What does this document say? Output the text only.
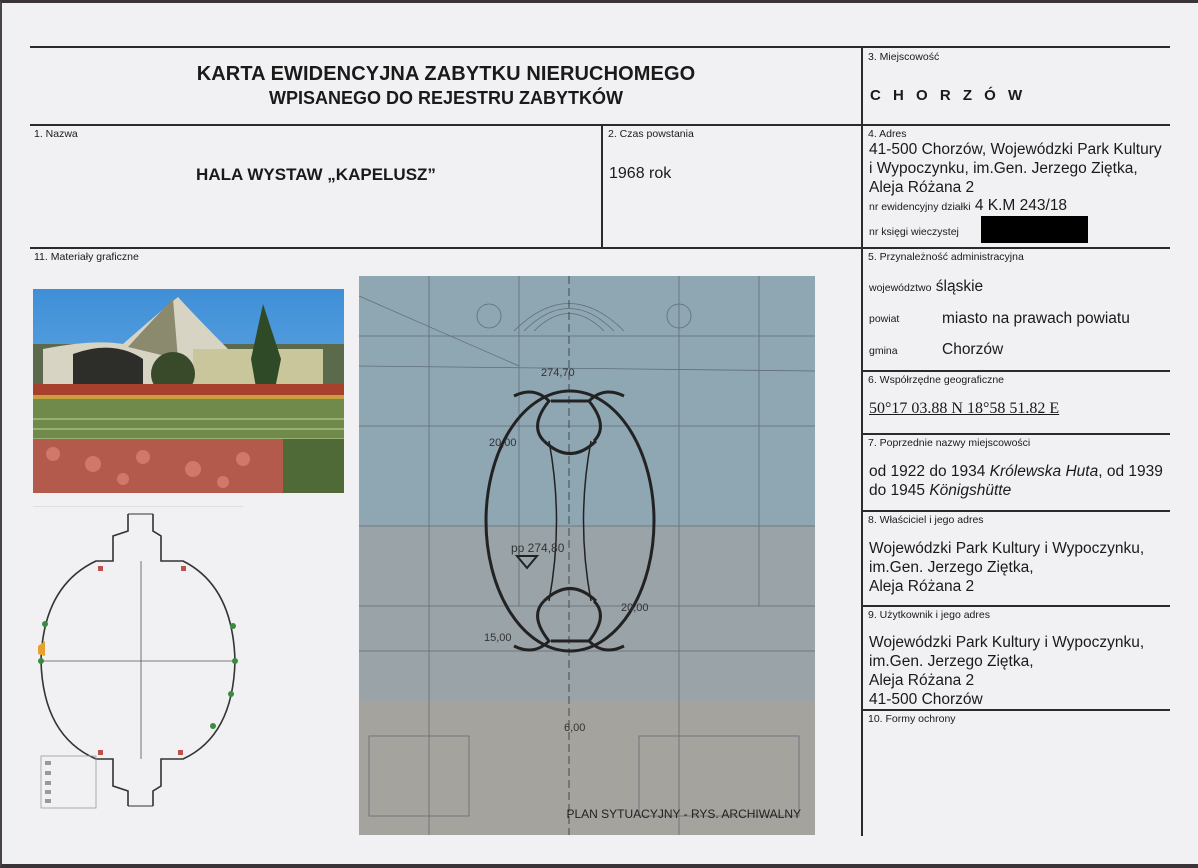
KARTA EWIDENCYJNA ZABYTKU NIERUCHOMEGO
WPISANEGO DO REJESTRU ZABYTKÓW
3. Miejscowość
C H O R Z Ó W
1. Nazwa
HALA WYSTAW „KAPELUSZ”
2. Czas powstania
1968 rok
4. Adres
41-500 Chorzów, Wojewódzki Park Kultury
i Wypoczynku, im.Gen. Jerzego Ziętka,
Aleja Różana 2
nr ewidencyjny działki 4 K.M 243/18
nr księgi wieczystej
5. Przynależność administracyjna
województwo śląskie
powiat	miasto na prawach powiatu
gmina	Chorzów
6. Współrzędne geograficzne
50°17 03.88 N 18°58 51.82 E
7. Poprzednie nazwy miejscowości
od 1922 do 1934 Królewska Huta, od 1939
do 1945 Königshütte
8. Właściciel i jego adres
Wojewódzki Park Kultury i Wypoczynku,
im.Gen. Jerzego Ziętka,
Aleja Różana 2
9. Użytkownik i jego adres
Wojewódzki Park Kultury i Wypoczynku,
im.Gen. Jerzego Ziętka,
Aleja Różana 2
41-500 Chorzów
10. Formy ochrony
11. Materiały graficzne
274,70
20,00
pp 274,80
20,00
15,00
6,00
PLAN SYTUACYJNY - RYS. ARCHIWALNY
